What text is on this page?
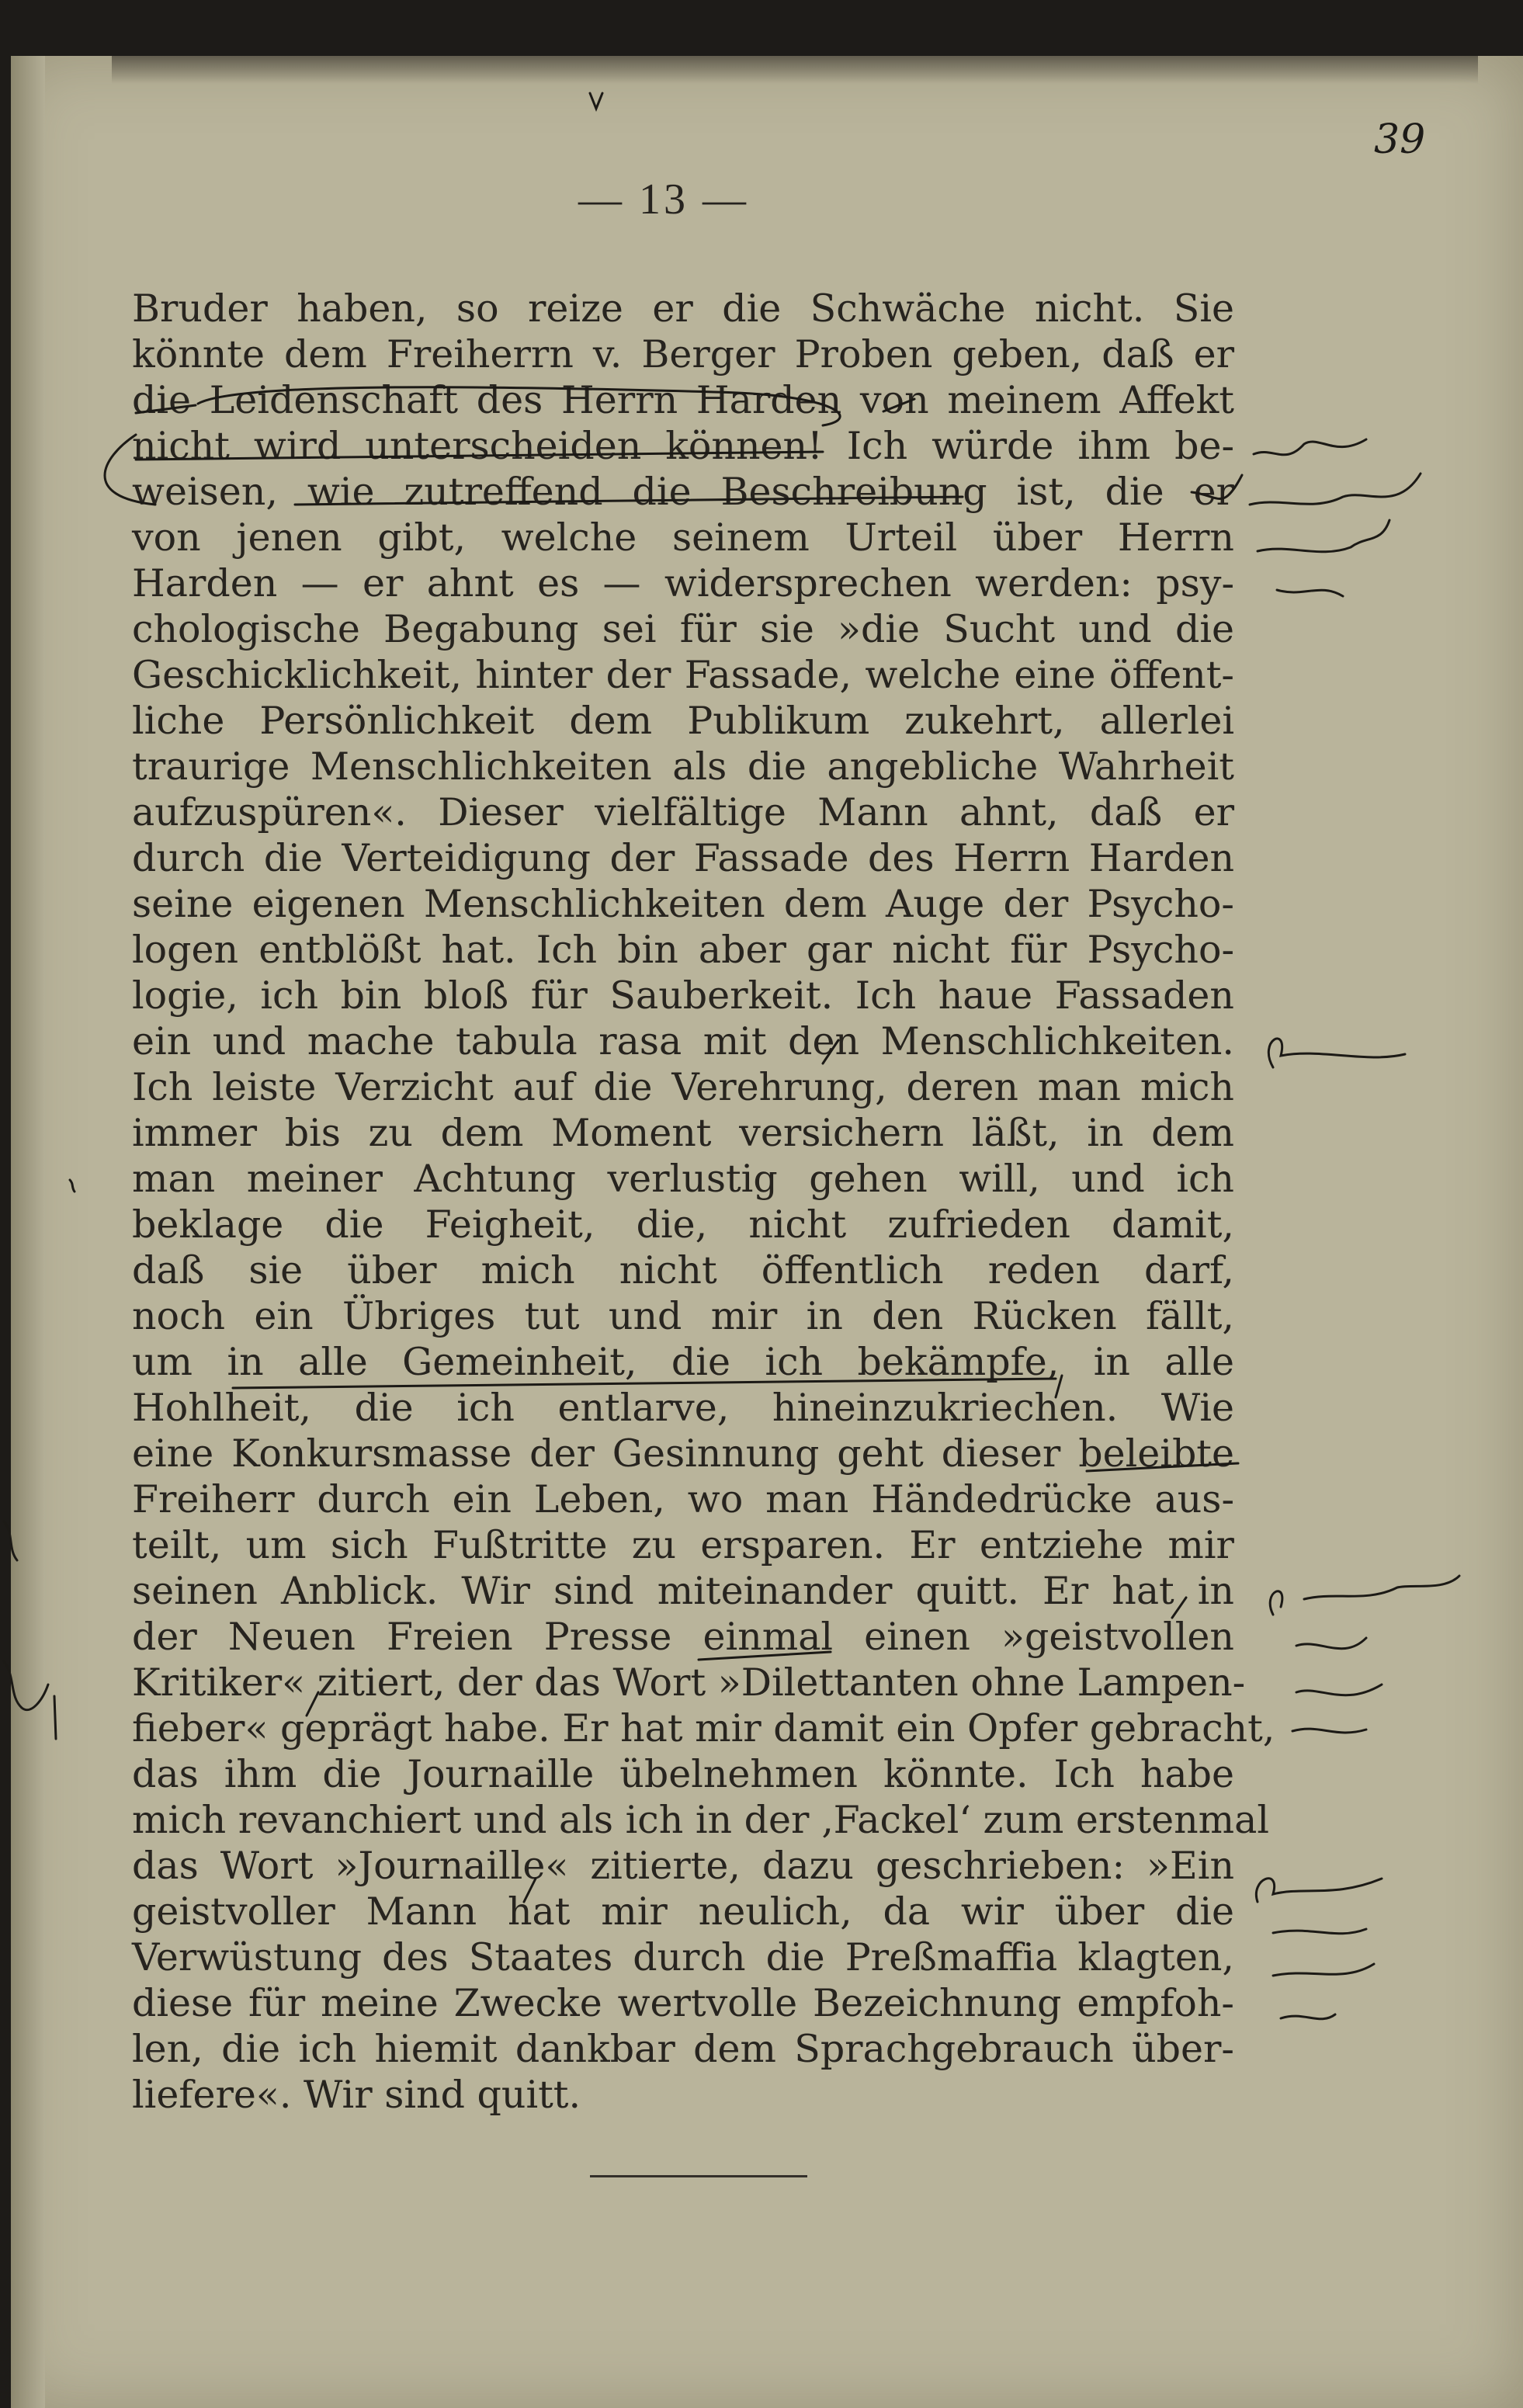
39
— 13 —
Bruder haben, so reize er die Schwäche nicht. Sie
könnte dem Freiherrn v. Berger Proben geben, daß er
die Leidenschaft des Herrn Harden von meinem Affekt
nicht wird unterscheiden können! Ich würde ihm be-
weisen, wie zutreffend die Beschreibung ist, die er
von jenen gibt, welche seinem Urteil über Herrn
Harden — er ahnt es — widersprechen werden: psy-
chologische Begabung sei für sie »die Sucht und die
Geschicklichkeit, hinter der Fassade, welche eine öffent-
liche Persönlichkeit dem Publikum zukehrt, allerlei
traurige Menschlichkeiten als die angebliche Wahrheit
aufzuspüren«. Dieser vielfältige Mann ahnt, daß er
durch die Verteidigung der Fassade des Herrn Harden
seine eigenen Menschlichkeiten dem Auge der Psycho-
logen entblößt hat. Ich bin aber gar nicht für Psycho-
logie, ich bin bloß für Sauberkeit. Ich haue Fassaden
ein und mache tabula rasa mit den Menschlichkeiten.
Ich leiste Verzicht auf die Verehrung, deren man mich
immer bis zu dem Moment versichern läßt, in dem
man meiner Achtung verlustig gehen will, und ich
beklage die Feigheit, die, nicht zufrieden damit,
daß sie über mich nicht öffentlich reden darf,
noch ein Übriges tut und mir in den Rücken fällt,
um in alle Gemeinheit, die ich bekämpfe, in alle
Hohlheit, die ich entlarve, hineinzukriechen. Wie
eine Konkursmasse der Gesinnung geht dieser beleibte
Freiherr durch ein Leben, wo man Händedrücke aus-
teilt, um sich Fußtritte zu ersparen. Er entziehe mir
seinen Anblick. Wir sind miteinander quitt. Er hat in
der Neuen Freien Presse einmal einen »geistvollen
Kritiker« zitiert, der das Wort »Dilettanten ohne Lampen-
fieber« geprägt habe. Er hat mir damit ein Opfer gebracht,
das ihm die Journaille übelnehmen könnte. Ich habe
mich revanchiert und als ich in der ‚Fackel‘ zum erstenmal
das Wort »Journaille« zitierte, dazu geschrieben: »Ein
geistvoller Mann hat mir neulich, da wir über die
Verwüstung des Staates durch die Preßmaffia klagten,
diese für meine Zwecke wertvolle Bezeichnung empfoh-
len, die ich hiemit dankbar dem Sprachgebrauch über-
liefere«. Wir sind quitt.
